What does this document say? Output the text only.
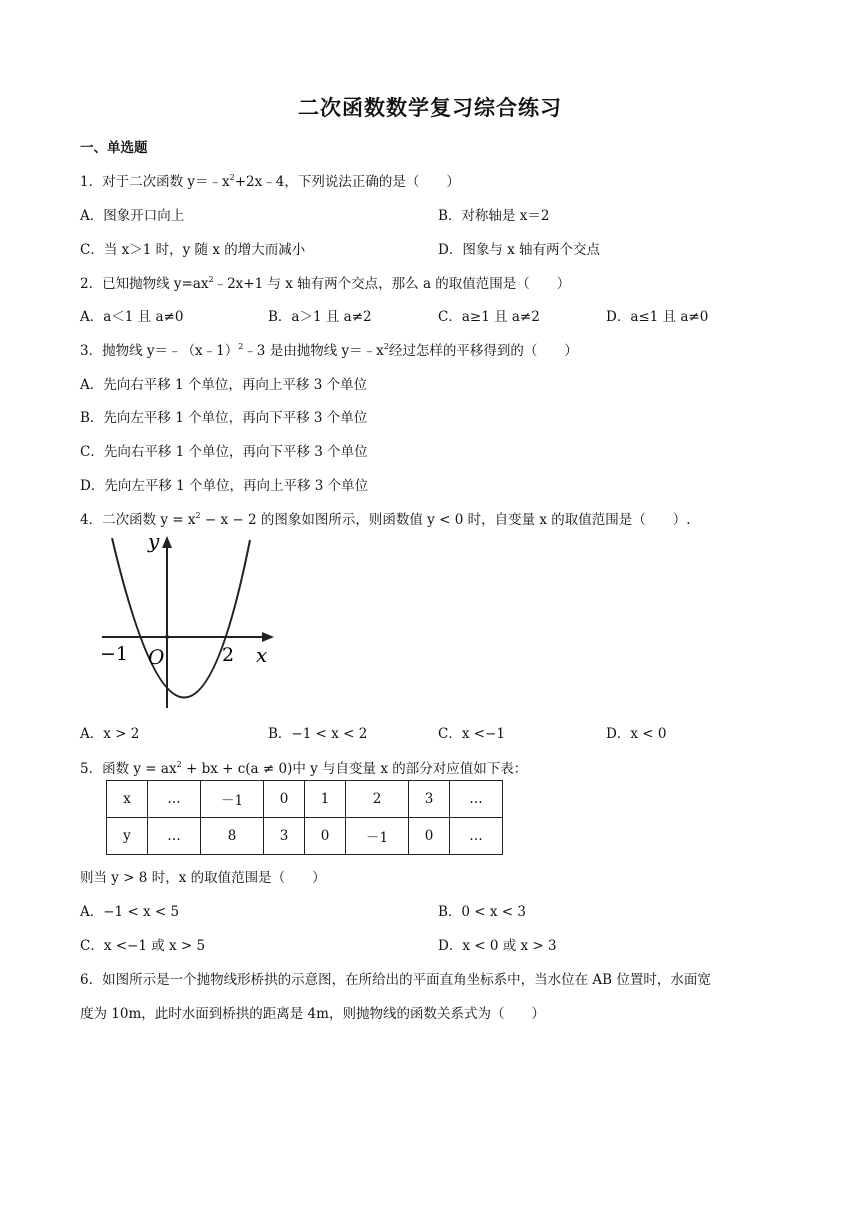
二次函数数学复习综合练习
一、单选题
1．对于二次函数 $y=﹣x^2+2x﹣4$，下列说法正确的是（　　）
A．图象开口向上	B．对称轴是 x＝2
C．当 x＞1 时，y 随 x 的增大而减小	D．图象与 x 轴有两个交点
2．已知抛物线 $y=ax^2﹣2x+1$ 与 x 轴有两个交点，那么 a 的取值范围是（　　）
A．a＜1 且 a≠0	B．a＞1 且 a≠2	C．a≥1 且 a≠2	D．a≤1 且 a≠0
3．抛物线 y＝﹣（x﹣1）$^2$﹣3 是由抛物线 $y=﹣x^2$经过怎样的平移得到的（　　）
A．先向右平移 1 个单位，再向上平移 3 个单位
B．先向左平移 1 个单位，再向下平移 3 个单位
C．先向右平移 1 个单位，再向下平移 3 个单位
D．先向左平移 1 个单位，再向上平移 3 个单位
4．二次函数 $y = x^2 - x - 2$ 的图象如图所示，则函数值 y < 0 时，自变量 x 的取值范围是（　　）.
y
x
O
−1	2
A．x > 2	B．−1 < x < 2	C．x <−1	D．x < 0
5．函数 $y = ax^2$ + bx + c(a ≠ 0)中 y 与自变量 x 的部分对应值如下表：
x	…	－1	0	1	2	3	…
y	…	8	3	0	－1	0	…
则当 y > 8 时，x 的取值范围是（　　）
A．−1 < x < 5	B．0 < x < 3
C．x <−1 或 x > 5	D．x < 0 或 x > 3
6．如图所示是一个抛物线形桥拱的示意图，在所给出的平面直角坐标系中，当水位在 AB 位置时，水面宽
度为 10m，此时水面到桥拱的距离是 4m，则抛物线的函数关系式为（　　）
